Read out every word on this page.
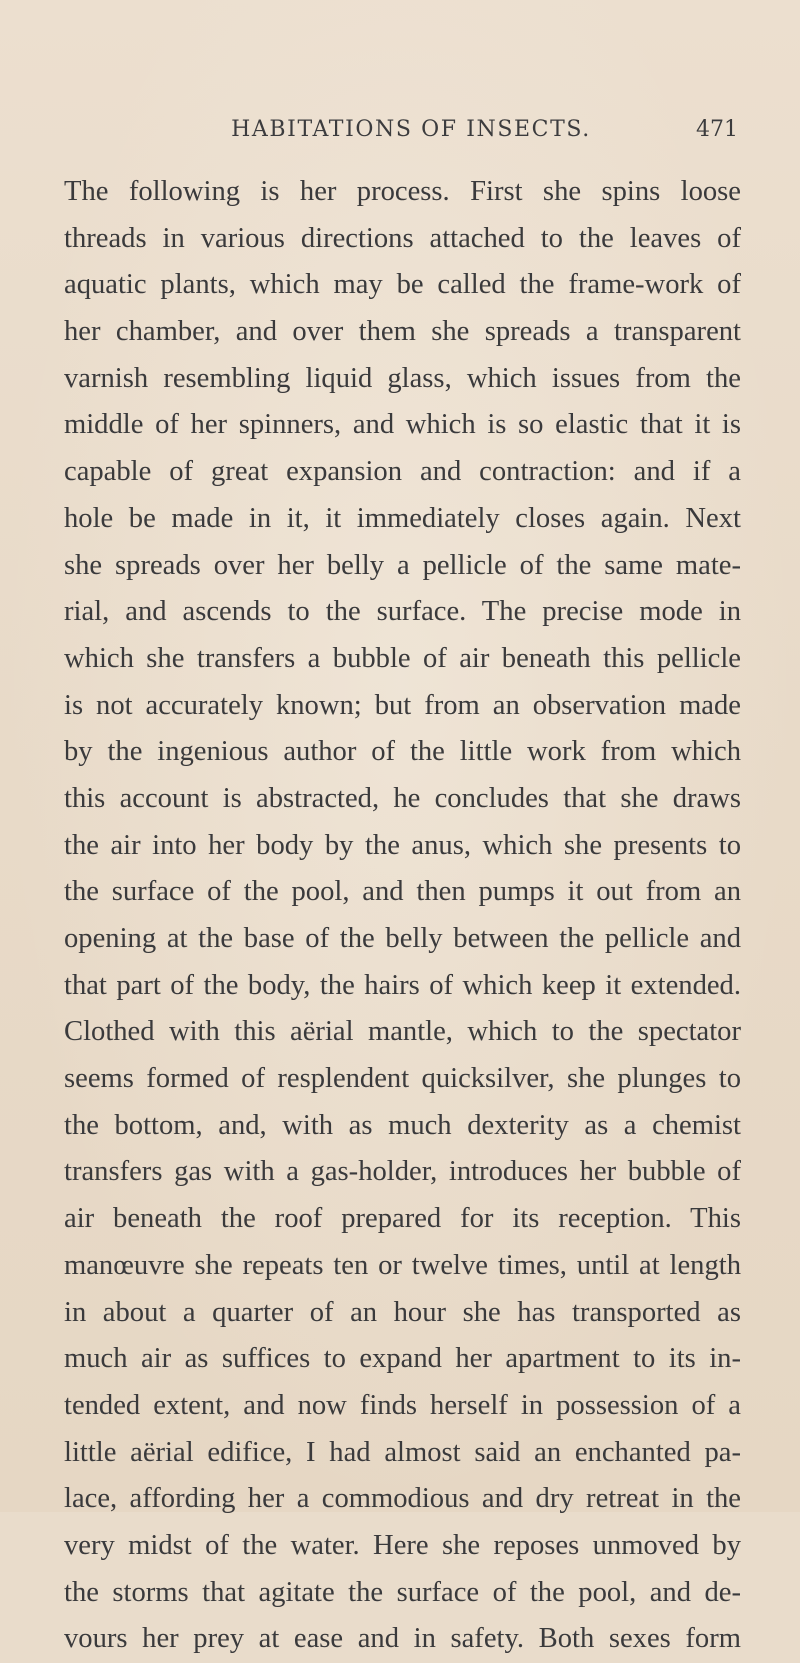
HABITATIONS OF INSECTS.	471
The following is her process. First she spins loose
threads in various directions attached to the leaves of
aquatic plants, which may be called the frame-work of
her chamber, and over them she spreads a transparent
varnish resembling liquid glass, which issues from the
middle of her spinners, and which is so elastic that it is
capable of great expansion and contraction: and if a
hole be made in it, it immediately closes again. Next
she spreads over her belly a pellicle of the same mate-
rial, and ascends to the surface. The precise mode in
which she transfers a bubble of air beneath this pellicle
is not accurately known; but from an observation made
by the ingenious author of the little work from which
this account is abstracted, he concludes that she draws
the air into her body by the anus, which she presents to
the surface of the pool, and then pumps it out from an
opening at the base of the belly between the pellicle and
that part of the body, the hairs of which keep it extended.
Clothed with this aërial mantle, which to the spectator
seems formed of resplendent quicksilver, she plunges to
the bottom, and, with as much dexterity as a chemist
transfers gas with a gas-holder, introduces her bubble of
air beneath the roof prepared for its reception. This
manœuvre she repeats ten or twelve times, until at length
in about a quarter of an hour she has transported as
much air as suffices to expand her apartment to its in-
tended extent, and now finds herself in possession of a
little aërial edifice, I had almost said an enchanted pa-
lace, affording her a commodious and dry retreat in the
very midst of the water. Here she reposes unmoved by
the storms that agitate the surface of the pool, and de-
vours her prey at ease and in safety. Both sexes form
